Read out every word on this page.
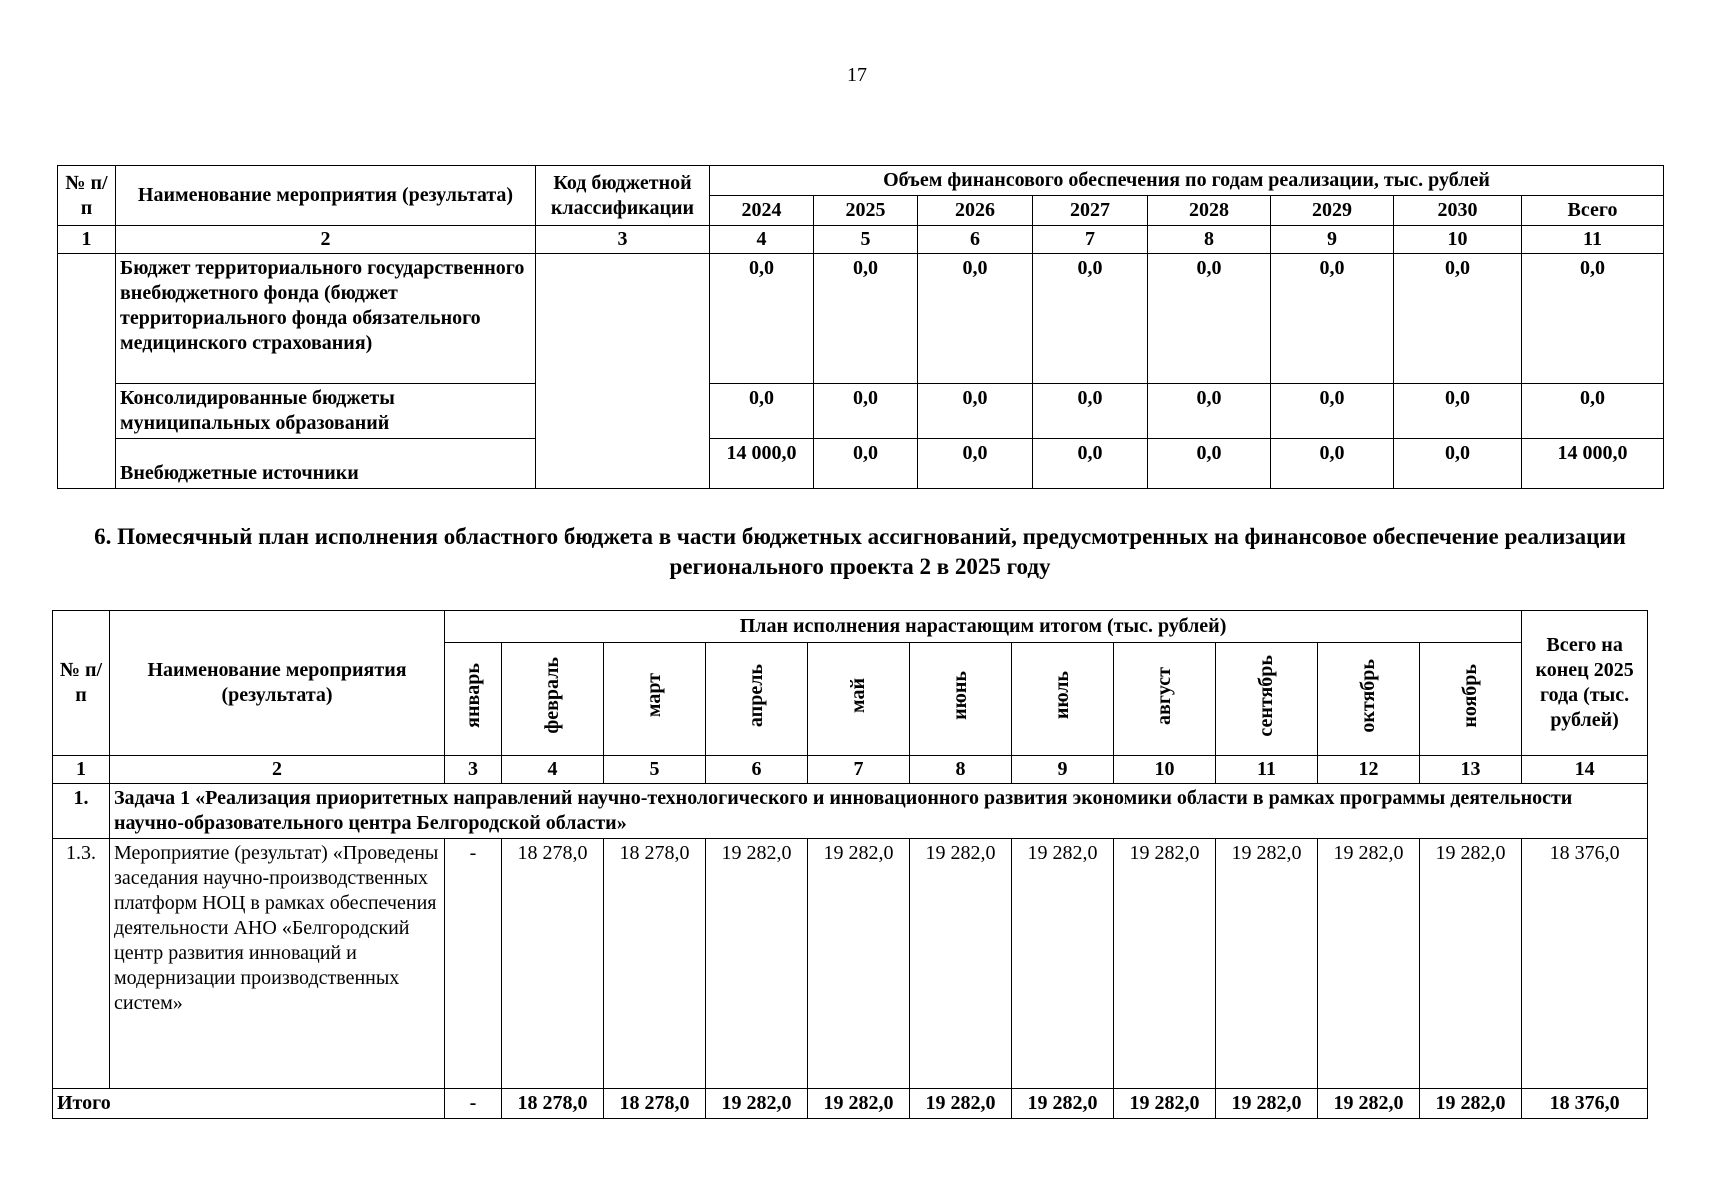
17
№ п/п	Наименование мероприятия (результата)	Код бюджетной классификации	Объем финансового обеспечения по годам реализации, тыс. рублей							
			2024	2025	2026	2027	2028	2029	2030	Всего
1	2	3	4	5	6	7	8	9	10	11
	Бюджет территориального государственного внебюджетного фонда (бюджет территориального фонда обязательного медицинского страхования)		0,0	0,0	0,0	0,0	0,0	0,0	0,0	0,0
	Консолидированные бюджеты муниципальных образований		0,0	0,0	0,0	0,0	0,0	0,0	0,0	0,0
	Внебюджетные источники		14 000,0	0,0	0,0	0,0	0,0	0,0	0,0	14 000,0
6. Помесячный план исполнения областного бюджета в части бюджетных ассигнований, предусмотренных на финансовое обеспечение реализации регионального проекта 2 в 2025 году
№ п/п	Наименование мероприятия (результата)	План исполнения нарастающим итогом (тыс. рублей)											Всего на конец 2025 года (тыс. рублей)
		январь	февраль	март	апрель	май	июнь	июль	август	сентябрь	октябрь	ноябрь	
1	2	3	4	5	6	7	8	9	10	11	12	13	14
1.	Задача 1 «Реализация приоритетных направлений научно-технологического и инновационного развития экономики области в рамках программы деятельности научно-образовательного центра Белгородской области»												
1.3.	Мероприятие (результат) «Проведены заседания научно-производственных платформ НОЦ в рамках обеспечения деятельности АНО «Белгородский центр развития инноваций и модернизации производственных систем»	-	18 278,0	18 278,0	19 282,0	19 282,0	19 282,0	19 282,0	19 282,0	19 282,0	19 282,0	19 282,0	18 376,0
Итого		-	18 278,0	18 278,0	19 282,0	19 282,0	19 282,0	19 282,0	19 282,0	19 282,0	19 282,0	19 282,0	18 376,0
